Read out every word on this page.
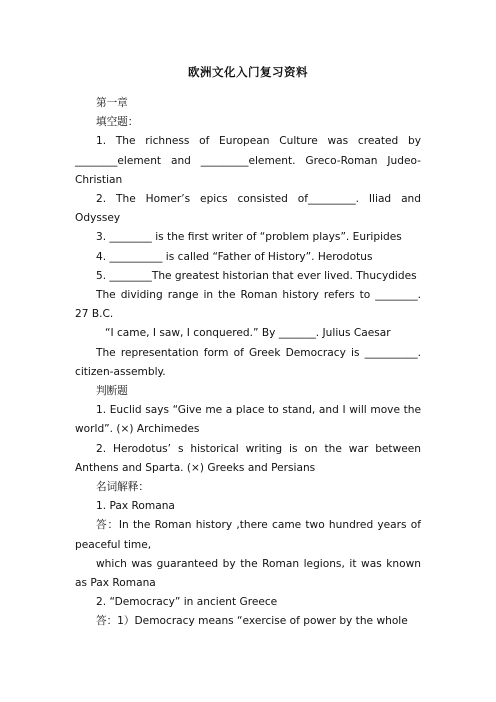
欧洲文化入门复习资料

第一章

填空题：

1. The richness of European Culture was created by ________element and _________element. Greco-Roman Judeo-Christian

2. The Homer’s epics consisted of_________. Iliad and Odyssey

3. ________ is the first writer of “problem plays”. Euripides

4. __________ is called “Father of History”. Herodotus

5. ________The greatest historian that ever lived. Thucydides

The dividing range in the Roman history refers to ________. 27 B.C.

“I came, I saw, I conquered.” By _______. Julius Caesar

The representation form of Greek Democracy is __________. citizen-assembly.

判断题

1. Euclid says “Give me a place to stand, and I will move the world”. (×) Archimedes

2. Herodotus’ s historical writing is on the war between Anthens and Sparta. (×) Greeks and Persians

名词解释：

1. Pax Romana

答：In the Roman history ,there came two hundred years of peaceful time,

which was guaranteed by the Roman legions, it was known as Pax Romana

2. “Democracy” in ancient Greece

答：1）Democracy means “exercise of power by the whole
